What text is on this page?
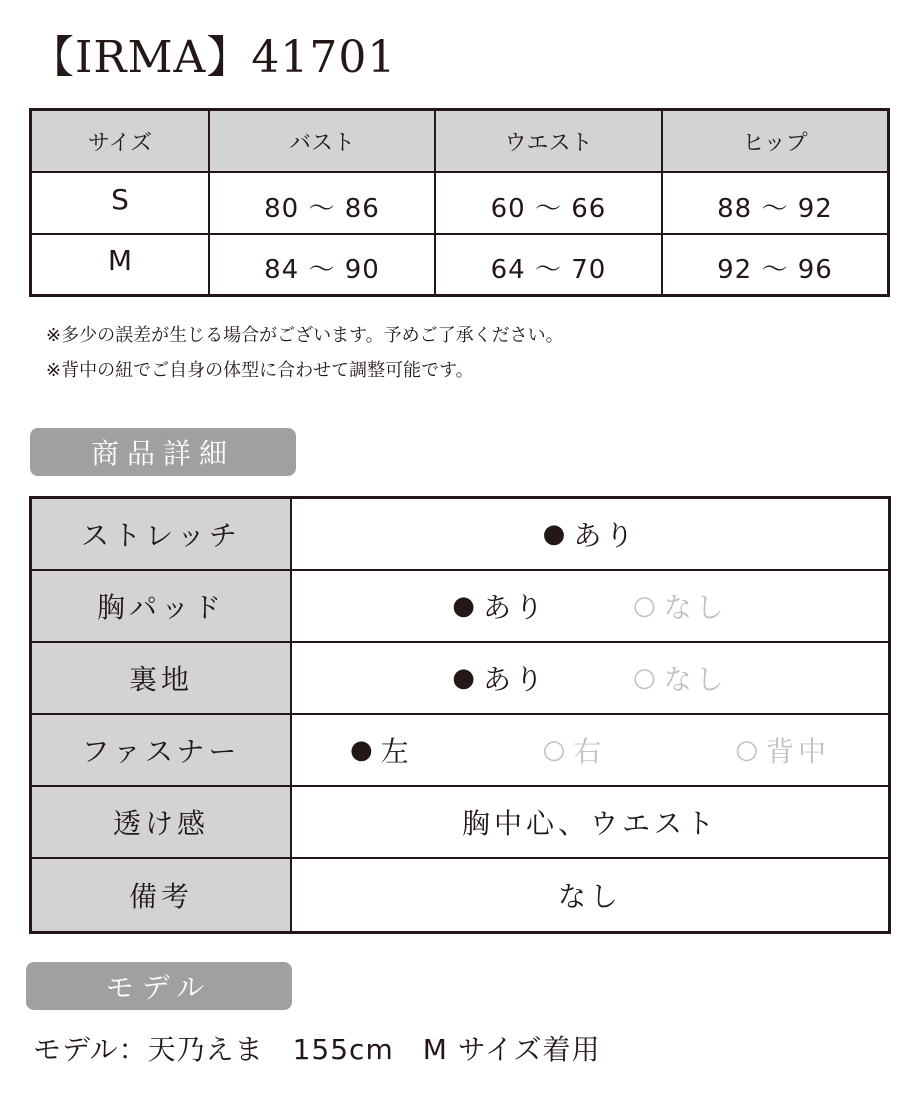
【IRMA】41701
サイズ	バスト	ウエスト	ヒップ
S	80 ～ 86	60 ～ 66	88 ～ 92
M	84 ～ 90	64 ～ 70	92 ～ 96
※多少の誤差が生じる場合がございます。予めご了承ください。
※背中の紐でご自身の体型に合わせて調整可能です。
商品詳細
ストレッチ	● あり
胸パッド	● あり	○ なし
裏地	● あり	○ なし
ファスナー	● 左	○ 右	○ 背中
透け感	胸中心、ウエスト
備考	なし
モデル
モデル：天乃えま　155cm　M サイズ着用
